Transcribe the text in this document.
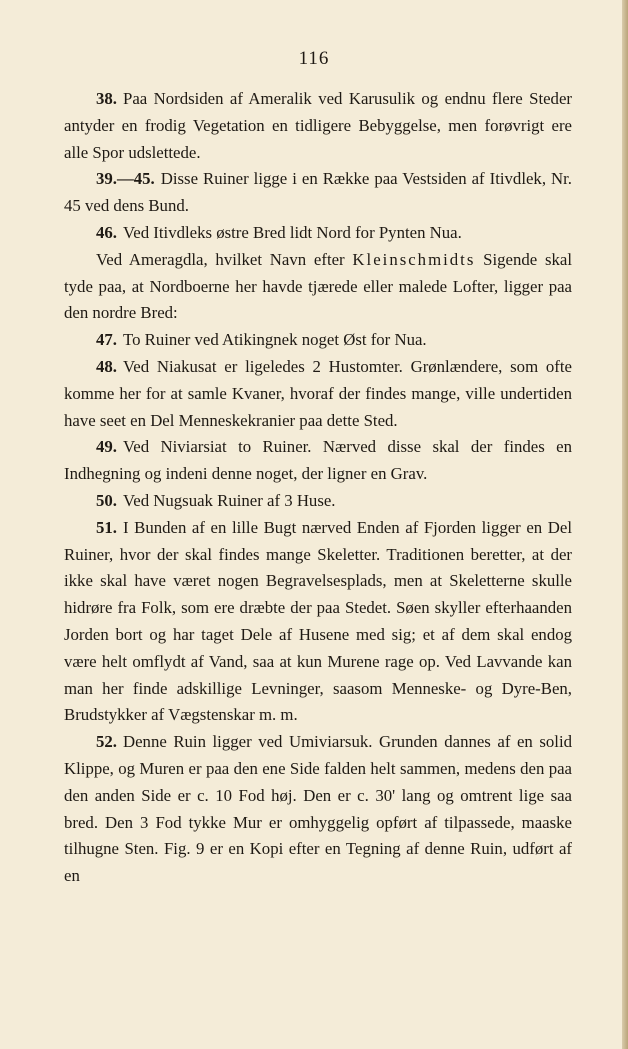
116

38. Paa Nordsiden af Ameralik ved Karusulik og endnu flere Steder antyder en frodig Vegetation en tidligere Bebyggelse, men forøvrigt ere alle Spor udslettede.

39.—45. Disse Ruiner ligge i en Række paa Vestsiden af Itivdlek, Nr. 45 ved dens Bund.

46. Ved Itivdleks østre Bred lidt Nord for Pynten Nua.

Ved Ameragdla, hvilket Navn efter Kleinschmidts Sigende skal tyde paa, at Nordboerne her havde tjærede eller malede Lofter, ligger paa den nordre Bred:

47. To Ruiner ved Atikingnek noget Øst for Nua.

48. Ved Niakusat er ligeledes 2 Hustomter. Grønlændere, som ofte komme her for at samle Kvaner, hvoraf der findes mange, ville undertiden have seet en Del Menneskekranier paa dette Sted.

49. Ved Niviarsiat to Ruiner. Nærved disse skal der findes en Indhegning og indeni denne noget, der ligner en Grav.

50. Ved Nugsuak Ruiner af 3 Huse.

51. I Bunden af en lille Bugt nærved Enden af Fjorden ligger en Del Ruiner, hvor der skal findes mange Skeletter. Traditionen beretter, at der ikke skal have været nogen Begravelsesplads, men at Skeletterne skulle hidrøre fra Folk, som ere dræbte der paa Stedet. Søen skyller efterhaanden Jorden bort og har taget Dele af Husene med sig; et af dem skal endog være helt omflydt af Vand, saa at kun Murene rage op. Ved Lavvande kan man her finde adskillige Levninger, saasom Menneske- og Dyre-Ben, Brudstykker af Vægstenskar m. m.

52. Denne Ruin ligger ved Umiviarsuk. Grunden dannes af en solid Klippe, og Muren er paa den ene Side falden helt sammen, medens den paa den anden Side er c. 10 Fod høj. Den er c. 30' lang og omtrent lige saa bred. Den 3 Fod tykke Mur er omhyggelig opført af tilpassede, maaske tilhugne Sten. Fig. 9 er en Kopi efter en Tegning af denne Ruin, udført af en
